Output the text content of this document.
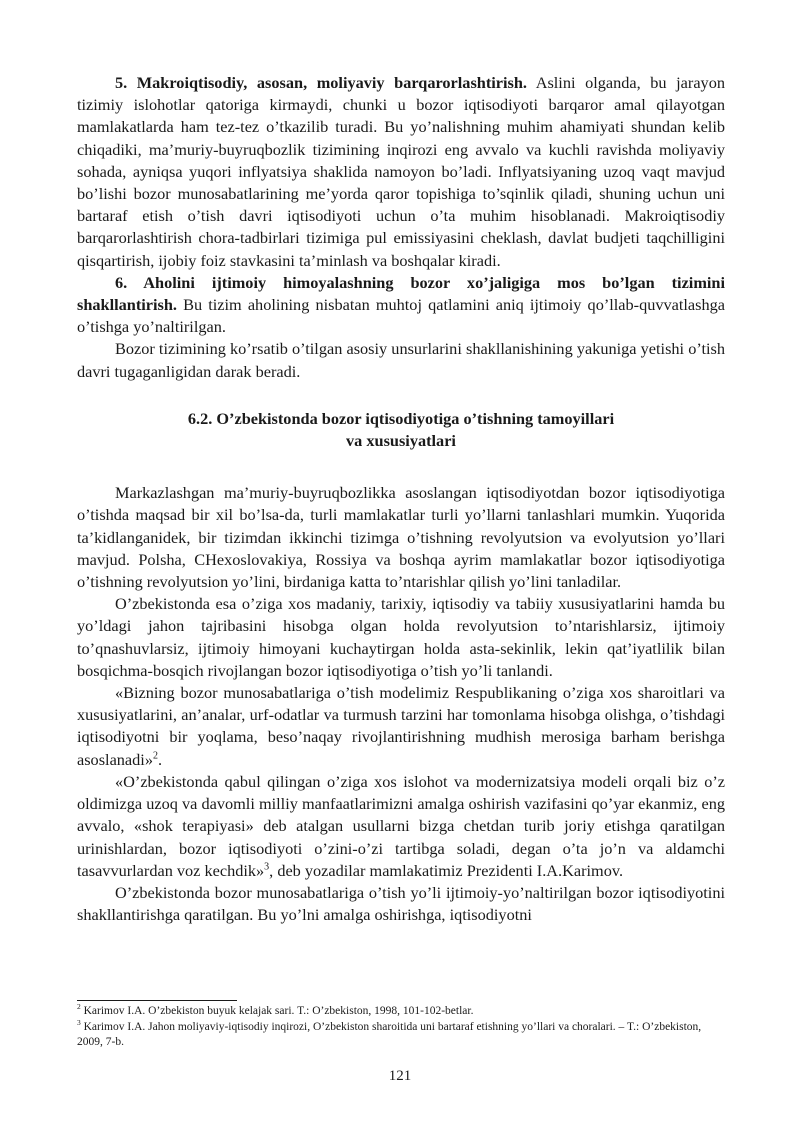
5. Makroiqtisodiy, asosan, moliyaviy barqarorlashtirish. Aslini olganda, bu jarayon tizimiy islohotlar qatoriga kirmaydi, chunki u bozor iqtisodiyoti barqaror amal qilayotgan mamlakatlarda ham tez-tez o’tkazilib turadi. Bu yo’nalishning muhim ahamiyati shundan kelib chiqadiki, ma’muriy-buyruqbozlik tizimining inqirozi eng avvalo va kuchli ravishda moliyaviy sohada, ayniqsa yuqori inflyatsiya shaklida namoyon bo’ladi. Inflyatsiyaning uzoq vaqt mavjud bo’lishi bozor munosabatlarining me’yorda qaror topishiga to’sqinlik qiladi, shuning uchun uni bartaraf etish o’tish davri iqtisodiyoti uchun o’ta muhim hisoblanadi. Makroiqtisodiy barqarorlashtirish chora-tadbirlari tizimiga pul emissiyasini cheklash, davlat budjeti taqchilligini qisqartirish, ijobiy foiz stavkasini ta’minlash va boshqalar kiradi.

6. Aholini ijtimoiy himoyalashning bozor xo’jaligiga mos bo’lgan tizimini shakllantirish. Bu tizim aholining nisbatan muhtoj qatlamini aniq ijtimoiy qo’llab-quvvatlashga o’tishga yo’naltirilgan.

Bozor tizimining ko’rsatib o’tilgan asosiy unsurlarini shakllanishining yakuniga yetishi o’tish davri tugaganligidan darak beradi.

6.2. O’zbekistonda bozor iqtisodiyotiga o’tishning tamoyillari
va xususiyatlari

Markazlashgan ma’muriy-buyruqbozlikka asoslangan iqtisodiyotdan bozor iqtisodiyotiga o’tishda maqsad bir xil bo’lsa-da, turli mamlakatlar turli yo’llarni tanlashlari mumkin. Yuqorida ta’kidlanganidek, bir tizimdan ikkinchi tizimga o’tishning revolyutsion va evolyutsion yo’llari mavjud. Polsha, CHexoslovakiya, Rossiya va boshqa ayrim mamlakatlar bozor iqtisodiyotiga o’tishning revolyutsion yo’lini, birdaniga katta to’ntarishlar qilish yo’lini tanladilar.

O’zbekistonda esa o’ziga xos madaniy, tarixiy, iqtisodiy va tabiiy xususiyatlarini hamda bu yo’ldagi jahon tajribasini hisobga olgan holda revolyutsion to’ntarishlarsiz, ijtimoiy to’qnashuvlarsiz, ijtimoiy himoyani kuchaytirgan holda asta-sekinlik, lekin qat’iyatlilik bilan bosqichma-bosqich rivojlangan bozor iqtisodiyotiga o’tish yo’li tanlandi.

«Bizning bozor munosabatlariga o’tish modelimiz Respublikaning o’ziga xos sharoitlari va xususiyatlarini, an’analar, urf-odatlar va turmush tarzini har tomonlama hisobga olishga, o’tishdagi iqtisodiyotni bir yoqlama, beso’naqay rivojlantirishning mudhish merosiga barham berishga asoslanadi»$^2$.

«O’zbekistonda qabul qilingan o’ziga xos islohot va modernizatsiya modeli orqali biz o’z oldimizga uzoq va davomli milliy manfaatlarimizni amalga oshirish vazifasini qo’yar ekanmiz, eng avvalo, «shok terapiyasi» deb atalgan usullarni bizga chetdan turib joriy etishga qaratilgan urinishlardan, bozor iqtisodiyoti o’zini-o’zi tartibga soladi, degan o’ta jo’n va aldamchi tasavvurlardan voz kechdik»$^3$, deb yozadilar mamlakatimiz Prezidenti I.A.Karimov.

O’zbekistonda bozor munosabatlariga o’tish yo’li ijtimoiy-yo’naltirilgan bozor iqtisodiyotini shakllantirishga qaratilgan. Bu yo’lni amalga oshirishga, iqtisodiyotni

$^2$ Karimov I.A. O’zbekiston buyuk kelajak sari. T.: O’zbekiston, 1998, 101-102-betlar.

$^3$ Karimov I.A. Jahon moliyaviy-iqtisodiy inqirozi, O’zbekiston sharoitida uni bartaraf etishning yo’llari va choralari. – T.: O’zbekiston, 2009, 7-b.

121
